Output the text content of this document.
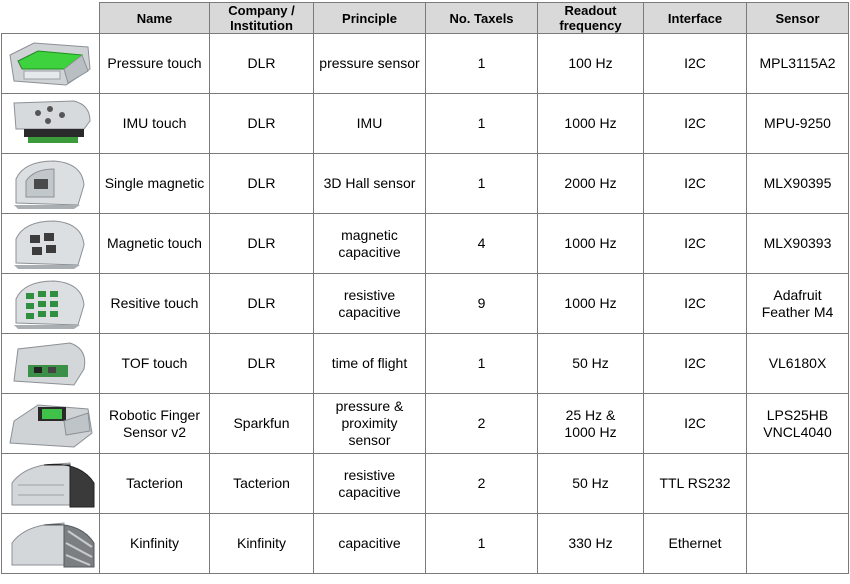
	Name	Company / Institution	Principle	No. Taxels	Readout frequency	Interface	Sensor

	Pressure touch	DLR	pressure sensor	1	100 Hz	I2C	MPL3115A2

	IMU touch	DLR	IMU	1	1000 Hz	I2C	MPU-9250

	Single magnetic	DLR	3D Hall sensor	1	2000 Hz	I2C	MLX90395

	Magnetic touch	DLR	magnetic
capacitive	4	1000 Hz	I2C	MLX90393

	Resitive touch	DLR	resistive
capacitive	9	1000 Hz	I2C	Adafruit
Feather M4

	TOF touch	DLR	time of flight	1	50 Hz	I2C	VL6180X

	Robotic Finger
Sensor v2	Sparkfun	pressure &
proximity
sensor	2	25 Hz &
1000 Hz	I2C	LPS25HB
VNCL4040

	Tacterion	Tacterion	resistive
capacitive	2	50 Hz	TTL RS232	

	Kinfinity	Kinfinity	capacitive	1	330 Hz	Ethernet	
